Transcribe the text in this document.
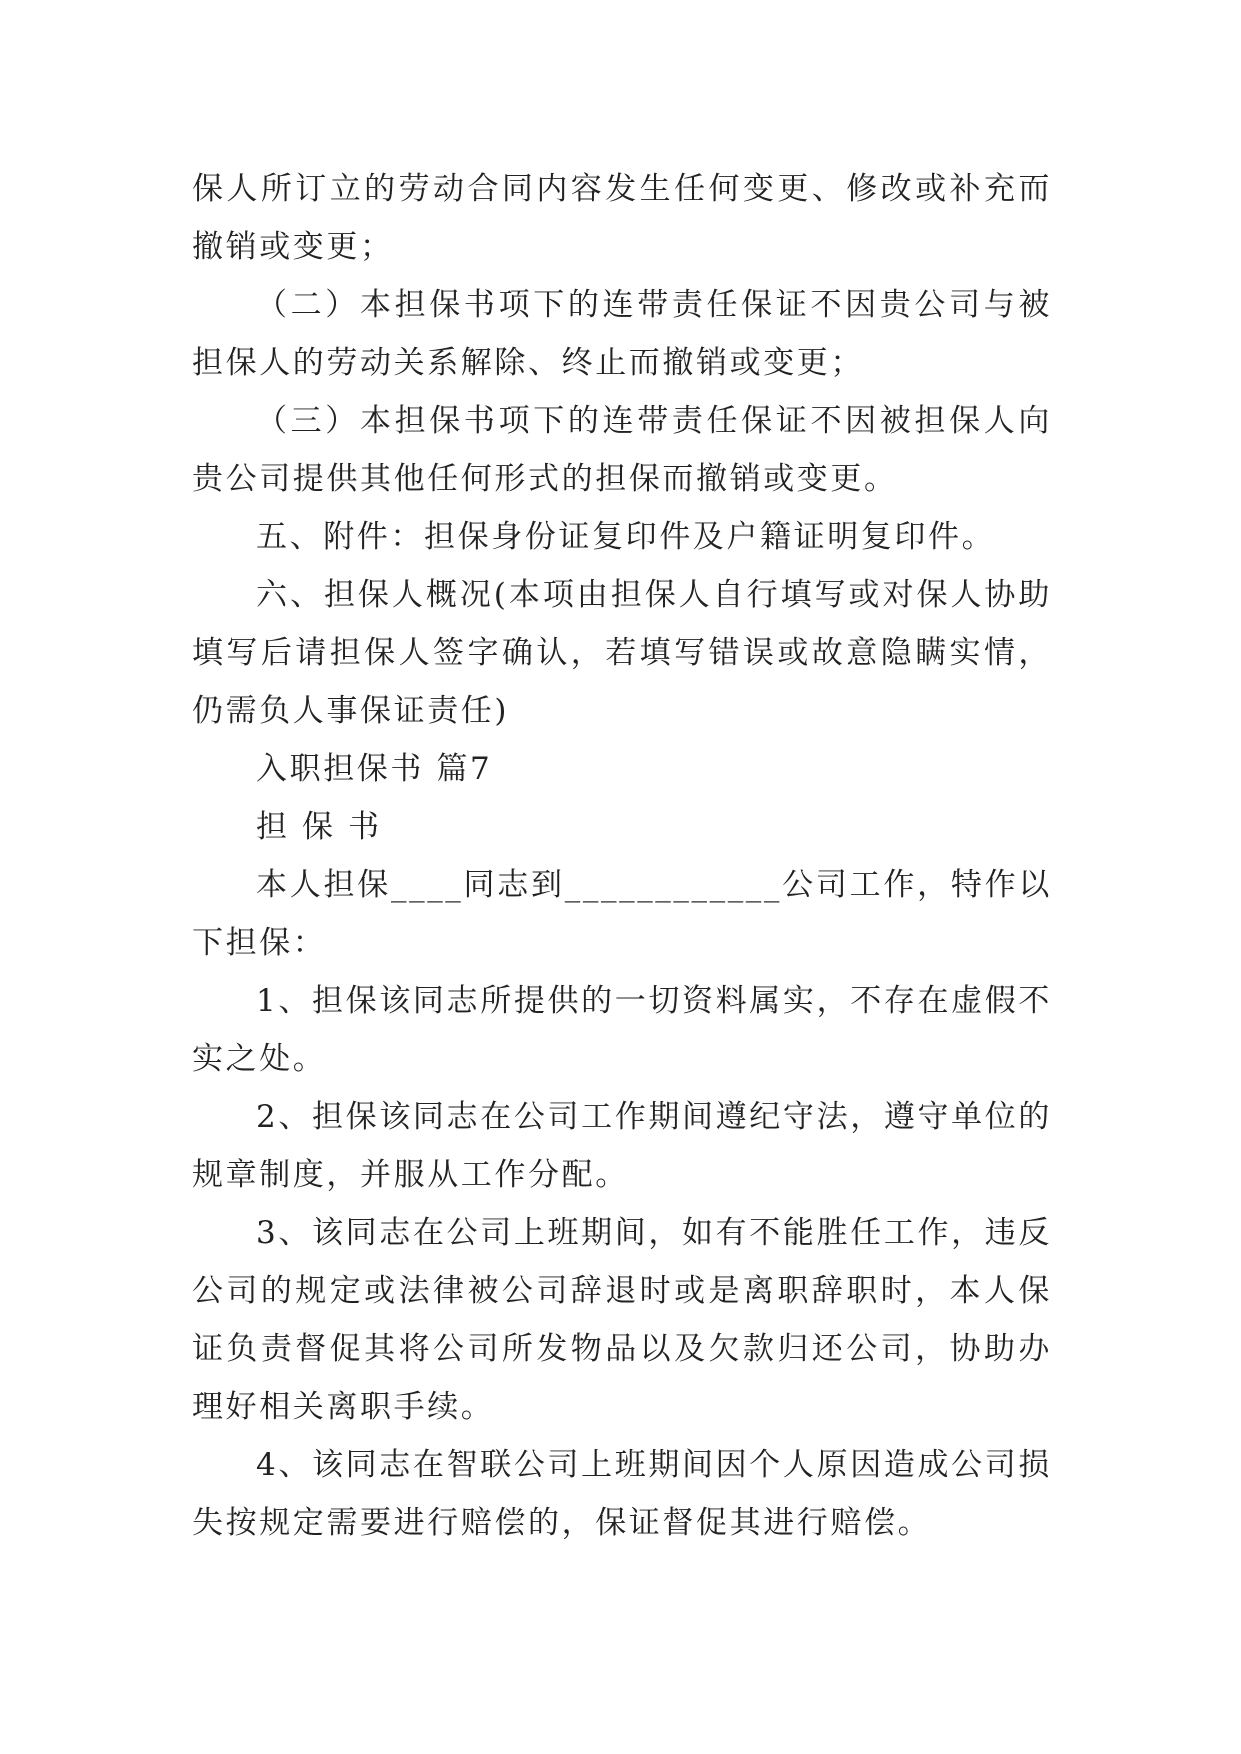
保人所订立的劳动合同内容发生任何变更、修改或补充而撤销或变更；

（二）本担保书项下的连带责任保证不因贵公司与被担保人的劳动关系解除、终止而撤销或变更；

（三）本担保书项下的连带责任保证不因被担保人向贵公司提供其他任何形式的担保而撤销或变更。

五、附件：担保身份证复印件及户籍证明复印件。

六、担保人概况(本项由担保人自行填写或对保人协助填写后请担保人签字确认，若填写错误或故意隐瞒实情，仍需负人事保证责任)

入职担保书 篇7

担 保 书

本人担保____同志到____________公司工作，特作以下担保：

1、担保该同志所提供的一切资料属实，不存在虚假不实之处。

2、担保该同志在公司工作期间遵纪守法，遵守单位的规章制度，并服从工作分配。

3、该同志在公司上班期间，如有不能胜任工作，违反公司的规定或法律被公司辞退时或是离职辞职时，本人保证负责督促其将公司所发物品以及欠款归还公司，协助办理好相关离职手续。

4、该同志在智联公司上班期间因个人原因造成公司损失按规定需要进行赔偿的，保证督促其进行赔偿。
